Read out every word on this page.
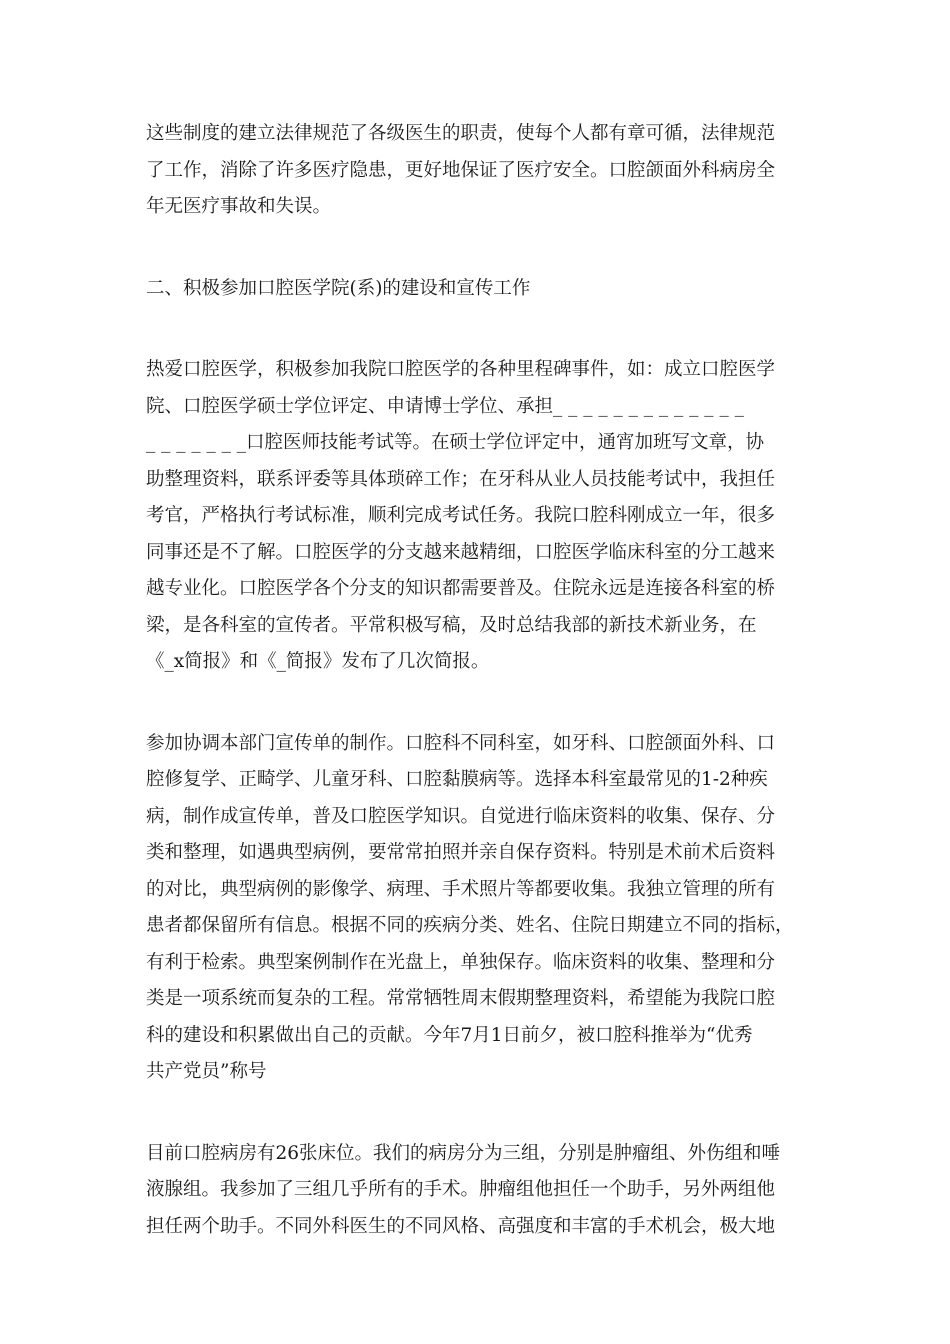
这些制度的建立法律规范了各级医生的职责，使每个人都有章可循，法律规范
了工作，消除了许多医疗隐患，更好地保证了医疗安全。口腔颌面外科病房全
年无医疗事故和失误。
二、积极参加口腔医学院(系)的建设和宣传工作
热爱口腔医学，积极参加我院口腔医学的各种里程碑事件，如：成立口腔医学
院、口腔医学硕士学位评定、申请博士学位、承担_ _ _ _ _ _ _ _ _ _ _ _ _
_ _ _ _ _ _ _口腔医师技能考试等。在硕士学位评定中，通宵加班写文章，协
助整理资料，联系评委等具体琐碎工作；在牙科从业人员技能考试中，我担任
考官，严格执行考试标准，顺利完成考试任务。我院口腔科刚成立一年，很多
同事还是不了解。口腔医学的分支越来越精细，口腔医学临床科室的分工越来
越专业化。口腔医学各个分支的知识都需要普及。住院永远是连接各科室的桥
梁，是各科室的宣传者。平常积极写稿，及时总结我部的新技术新业务，在
《_x简报》和《_简报》发布了几次简报。
参加协调本部门宣传单的制作。口腔科不同科室，如牙科、口腔颌面外科、口
腔修复学、正畸学、儿童牙科、口腔黏膜病等。选择本科室最常见的1-2种疾
病，制作成宣传单，普及口腔医学知识。自觉进行临床资料的收集、保存、分
类和整理，如遇典型病例，要常常拍照并亲自保存资料。特别是术前术后资料
的对比，典型病例的影像学、病理、手术照片等都要收集。我独立管理的所有
患者都保留所有信息。根据不同的疾病分类、姓名、住院日期建立不同的指标，
有利于检索。典型案例制作在光盘上，单独保存。临床资料的收集、整理和分
类是一项系统而复杂的工程。常常牺牲周末假期整理资料，希望能为我院口腔
科的建设和积累做出自己的贡献。今年7月1日前夕，被口腔科推举为“优秀
共产党员”称号
目前口腔病房有26张床位。我们的病房分为三组，分别是肿瘤组、外伤组和唾
液腺组。我参加了三组几乎所有的手术。肿瘤组他担任一个助手，另外两组他
担任两个助手。不同外科医生的不同风格、高强度和丰富的手术机会，极大地
